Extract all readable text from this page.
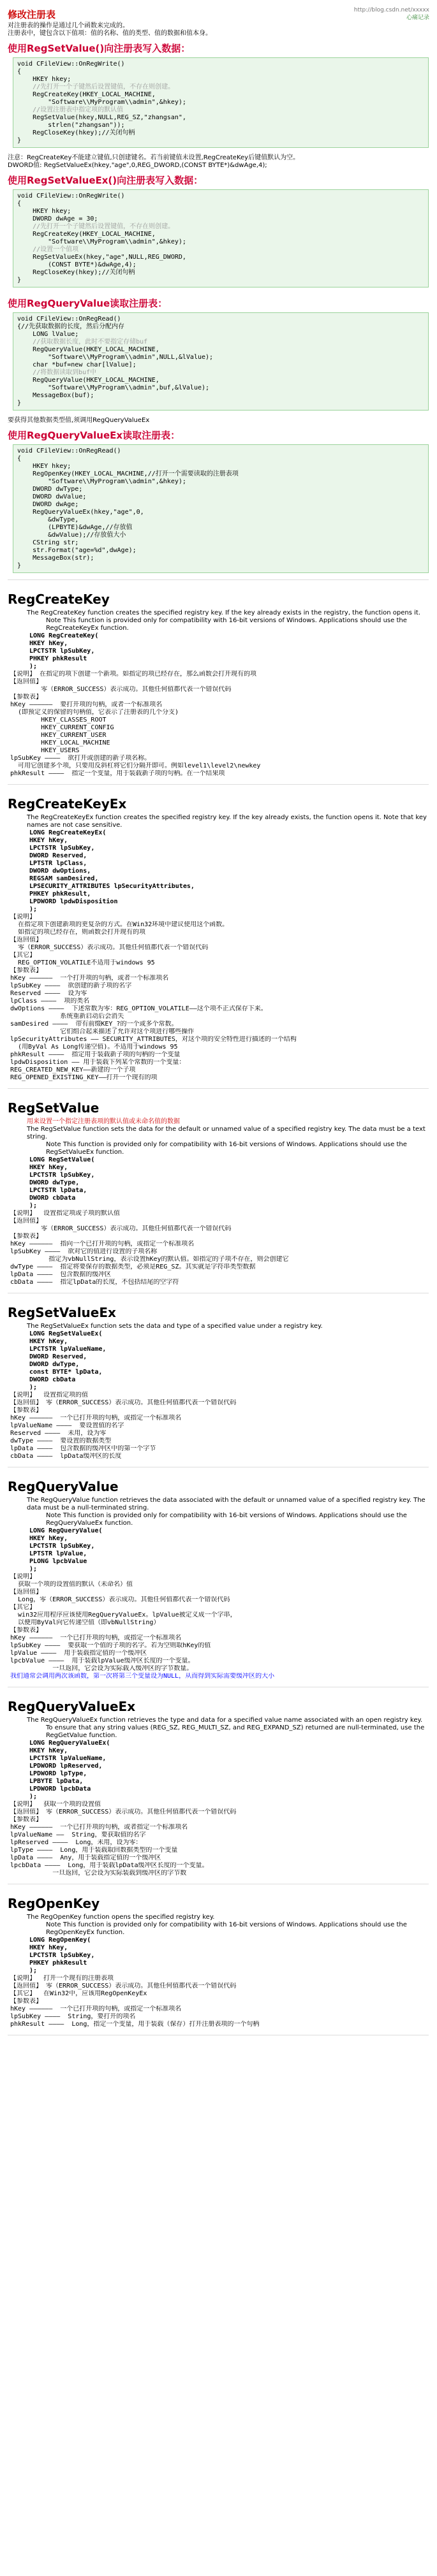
http://blog.csdn.net/xxxxx
心痛记录
修改注册表
对注册表的操作是通过几个函数来完成的。
注册表中，键包含以下值项：值的名称、值的类型、值的数据和值本身。
使用RegSetValue()向注册表写入数据：
void CFileView::OnRegWrite()
{
HKEY hkey;
//先打开一个子键然后设置键值，不存在则创建。
RegCreateKey(HKEY_LOCAL_MACHINE,
"Software\\MyProgram\\admin",&hkey);
//设置注册表中指定项的默认值
RegSetValue(hkey,NULL,REG_SZ,"zhangsan",
strlen("zhangsan"));
RegCloseKey(hkey);//关闭句柄
}
注意：RegCreateKey不能建立键值,只创建键名。若当前键值未设置,RegCreateKey后键值默认为空。
DWORD值: RegSetValueEx(hkey,"age",0,REG_DWORD,(CONST BYTE*)&dwAge,4);
使用RegSetValueEx()向注册表写入数据：
void CFileView::OnRegWrite()
{
HKEY hkey;
DWORD dwAge = 30;
//先打开一个子键然后设置键值，不存在则创建。
RegCreateKey(HKEY_LOCAL_MACHINE,
"Software\\MyProgram\\admin",&hkey);
//设置一个值项
RegSetValueEx(hkey,"age",NULL,REG_DWORD,
(CONST BYTE*)&dwAge,4);
RegCloseKey(hkey);//关闭句柄
}
使用RegQueryValue读取注册表：
void CFileView::OnRegRead()
{//先获取数据的长度，然后分配内存
LONG lValue;
//获取数据长度，此时不要指定存储buf
RegQueryValue(HKEY_LOCAL_MACHINE,
"Software\\MyProgram\\admin",NULL,&lValue);
char *buf=new char[lValue];
//将数据读取到buf中
RegQueryValue(HKEY_LOCAL_MACHINE,
"Software\\MyProgram\\admin",buf,&lValue);
MessageBox(buf);
}
要获得其他数据类型值,须调用RegQueryValueEx
使用RegQueryValueEx读取注册表：
void CFileView::OnRegRead()
{
HKEY hkey;
RegOpenKey(HKEY_LOCAL_MACHINE,//打开一个需要读取的注册表项
"Software\\MyProgram\\admin",&hkey);
DWORD dwType;
DWORD dwValue;
DWORD dwAge;
RegQueryValueEx(hkey,"age",0,
&dwType,
(LPBYTE)&dwAge,//存放值
&dwValue);//存放值大小
CString str;
str.Format("age=%d",dwAge);
MessageBox(str);
}
RegCreateKey
The RegCreateKey function creates the specified registry key. If the key already exists in the registry, the function opens it.
Note This function is provided only for compatibility with 16-bit versions of Windows. Applications should use the RegCreateKeyEx function.
LONG RegCreateKey(
HKEY hKey,
LPCTSTR lpSubKey,
PHKEY phkResult
);
【说明】 在指定的项下创建一个新项。如指定的项已经存在，那么函数会打开现有的项
【返回值】
零（ERROR_SUCCESS）表示成功。其他任何值都代表一个错误代码
【参数表】
hKey ——————  要打开项的句柄，或者一个标准项名
(即预定义的保留的句柄值，它表示了注册表的几个分支)
HKEY_CLASSES_ROOT
HKEY_CURRENT_CONFIG
HKEY_CURRENT_USER
HKEY_LOCAL_MACHINE
HKEY_USERS
lpSubKey ————  欲打开或创建的新子项名称。
可用它创建多个项，只要用反斜杠将它们分隔开即可。例如level1\level2\newkey
phkResult ————  指定一个变量，用于装载新子项的句柄。在一个结果项
RegCreateKeyEx
The RegCreateKeyEx function creates the specified registry key. If the key already exists, the function opens it. Note that key names are not case sensitive.
LONG RegCreateKeyEx(
HKEY hKey,
LPCTSTR lpSubKey,
DWORD Reserved,
LPTSTR lpClass,
DWORD dwOptions,
REGSAM samDesired,
LPSECURITY_ATTRIBUTES lpSecurityAttributes,
PHKEY phkResult,
LPDWORD lpdwDisposition
);
【说明】
在指定项下创建新项的更复杂的方式。在Win32环境中建议使用这个函数。
如指定的项已经存在，则函数会打开现有的项
【返回值】
零（ERROR_SUCCESS）表示成功。其他任何值都代表一个错误代码
【其它】
REG_OPTION_VOLATILE不适用于windows 95
【参数表】
hKey ——————  一个打开项的句柄，或者一个标准项名
lpSubKey ————  欲创建的新子项的名字
Reserved ————  设为零
lpClass ————  项的类名
dwOptions ————  下述常数为零：REG_OPTION_VOLATILE——这个项不正式保存下来。
系统重新启动后会消失
samDesired ————  带有前缀KEY_?的一个或多个常数。
它们组合起来描述了允许对这个项进行哪些操作
lpSecurityAttributes —— SECURITY_ATTRIBUTES，对这个项的安全特性进行描述的一个结构
(用ByVal As Long传递空值)。不适用于windows 95
phkResult ————  指定用于装载新子项的句柄的一个变量
lpdwDisposition —— 用于装载下列某个常数的一个变量：
REG_CREATED_NEW_KEY——新建的一个子项
REG_OPENED_EXISTING_KEY——打开一个现有的项
RegSetValue
用来设置一个指定注册表项的默认值或未命名值的数据
The RegSetValue function sets the data for the default or unnamed value of a specified registry key. The data must be a text string.
Note This function is provided only for compatibility with 16-bit versions of Windows. Applications should use the RegSetValueEx function.
LONG RegSetValue(
HKEY hKey,
LPCTSTR lpSubKey,
DWORD dwType,
LPCTSTR lpData,
DWORD cbData
);
【说明】  设置指定项或子项的默认值
【返回值】
零（ERROR_SUCCESS）表示成功。其他任何值都代表一个错误代码
【参数表】
hKey ——————  指向一个已打开项的句柄，或指定一个标准项名
lpSubKey ————  欲对它的值进行设置的子项名称
指定为vbNullString，表示设置hKey的默认值。如指定的子项不存在，则会创建它
dwType ————  指定将要保存的数据类型，必须是REG_SZ。其实就是字符串类型数据
lpData ————  包含数据的缓冲区
cbData ————  指定lpData的长度，不包括结尾的空字符
RegSetValueEx
The RegSetValueEx function sets the data and type of a specified value under a registry key.
LONG RegSetValueEx(
HKEY hKey,
LPCTSTR lpValueName,
DWORD Reserved,
DWORD dwType,
const BYTE* lpData,
DWORD cbData
);
【说明】  设置指定项的值
【返回值】 零（ERROR_SUCCESS）表示成功。其他任何值都代表一个错误代码
【参数表】
hKey ——————  一个已打开项的句柄，或指定一个标准项名
lpValueName ————  要设置值的名字
Reserved ————  未用，设为零
dwType ————  要设置的数据类型
lpData ————  包含数据的缓冲区中的第一个字节
cbData ————  lpData缓冲区的长度
RegQueryValue
The RegQueryValue function retrieves the data associated with the default or unnamed value of a specified registry key. The data must be a null-terminated string.
Note This function is provided only for compatibility with 16-bit versions of Windows. Applications should use the RegQueryValueEx function.
LONG RegQueryValue(
HKEY hKey,
LPCTSTR lpSubKey,
LPTSTR lpValue,
PLONG lpcbValue
);
【说明】
获取一个项的设置值的默认（未命名）值
【返回值】
Long，零（ERROR_SUCCESS）表示成功。其他任何值都代表一个错误代码
【其它】
win32应用程序应该使用RegQueryValueEx。lpValue被定义成一个字串，
以便用ByVal向它传递空值（即vbNullString）
【参数表】
hKey ——————  一个已打开项的句柄，或指定一个标准项名
lpSubKey ————  要获取一个值的子项的名字。若为空则取hKey的值
lpValue ————  用于装载指定值的一个缓冲区
lpcbValue ————  用于装载lpValue缓冲区长度的一个变量。
一旦返回，它会设为实际载入缓冲区的字节数量。
我们通常会调用两次该函数，第一次将第三个变量设为NULL，从而得到实际需要缓冲区的大小
RegQueryValueEx
The RegQueryValueEx function retrieves the type and data for a specified value name associated with an open registry key.
To ensure that any string values (REG_SZ, REG_MULTI_SZ, and REG_EXPAND_SZ) returned are null-terminated, use the RegGetValue function.
LONG RegQueryValueEx(
HKEY hKey,
LPCTSTR lpValueName,
LPDWORD lpReserved,
LPDWORD lpType,
LPBYTE lpData,
LPDWORD lpcbData
);
【说明】  获取一个项的设置值
【返回值】 零（ERROR_SUCCESS）表示成功。其他任何值都代表一个错误代码
【参数表】
hKey ——————  一个已打开项的句柄，或者指定一个标准项名
lpValueName ——  String，要获取值的名字
lpReserved ————  Long，未用，设为零：
lpType ————  Long，用于装载取回数据类型的一个变量
lpData ————  Any，用于装载指定值的一个缓冲区
lpcbData ————  Long，用于装载lpData缓冲区长度的一个变量。
一旦返回，它会设为实际装载到缓冲区的字节数
RegOpenKey
The RegOpenKey function opens the specified registry key.
Note This function is provided only for compatibility with 16-bit versions of Windows. Applications should use the RegOpenKeyEx function.
LONG RegOpenKey(
HKEY hKey,
LPCTSTR lpSubKey,
PHKEY phkResult
);
【说明】  打开一个现有的注册表项
【返回值】 零（ERROR_SUCCESS）表示成功。其他任何值都代表一个错误代码
【其它】  在Win32中，应该用RegOpenKeyEx
【参数表】
hKey ——————  一个已打开项的句柄，或指定一个标准项名
lpSubKey ————  String，要打开的项名
phkResult ————  Long，指定一个变量，用于装载（保存）打开注册表项的一个句柄
